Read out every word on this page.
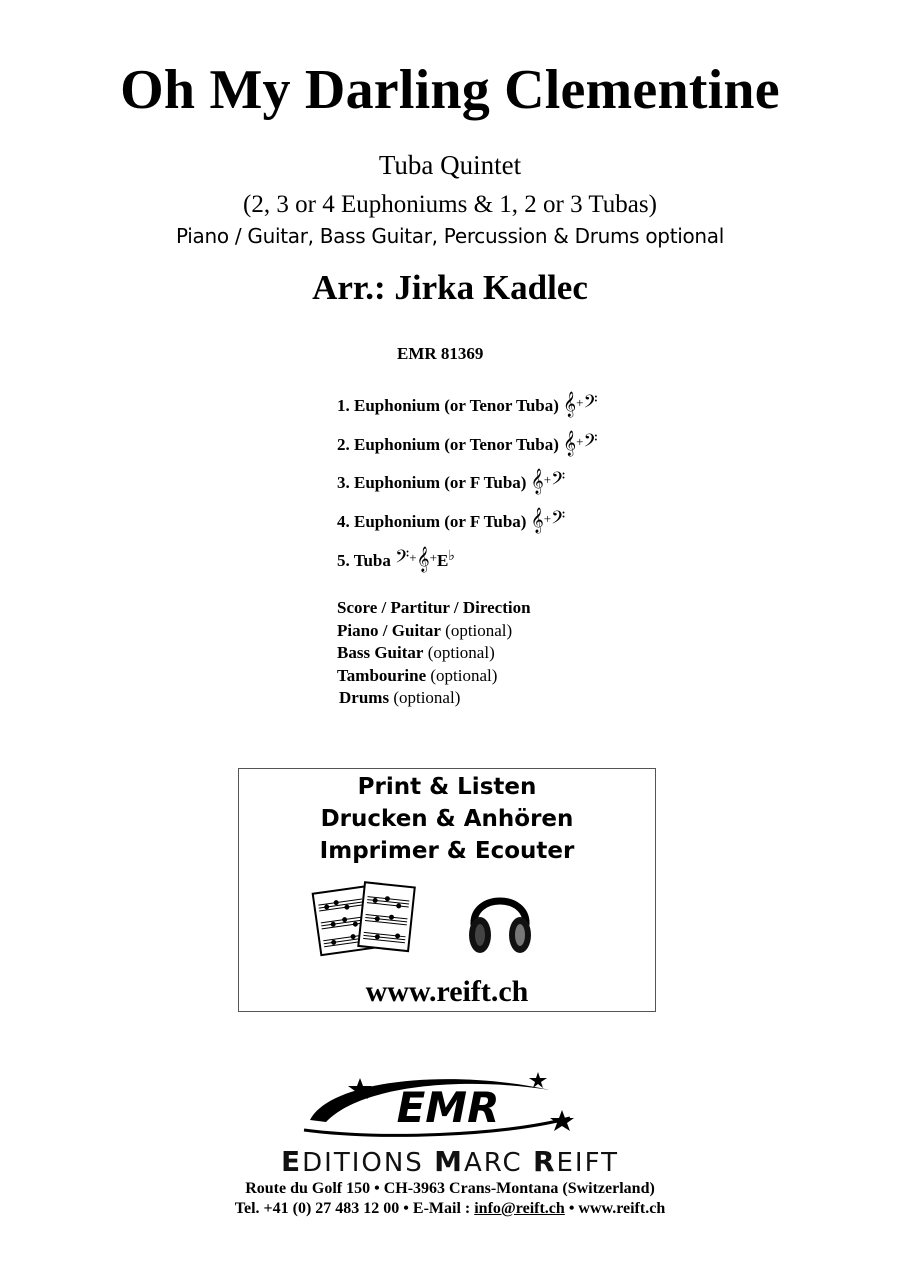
Oh My Darling Clementine
Tuba Quintet
(2, 3 or 4 Euphoniums & 1, 2 or 3 Tubas)
Piano / Guitar, Bass Guitar, Percussion & Drums optional
Arr.: Jirka Kadlec
EMR 81369
1. Euphonium (or Tenor Tuba) 𝄞+𝄢
2. Euphonium (or Tenor Tuba) 𝄞+𝄢
3. Euphonium (or F Tuba) 𝄞+𝄢
4. Euphonium (or F Tuba) 𝄞+𝄢
5. Tuba 𝄢+𝄞+E♭
Score / Partitur / Direction
Piano / Guitar (optional)
Bass Guitar (optional)
Tambourine (optional)
Drums (optional)
Print & Listen
Drucken & Anhören
Imprimer & Ecouter
www.reift.ch
EMR
EDITIONS MARC REIFT
Route du Golf 150 • CH-3963 Crans-Montana (Switzerland)
Tel. +41 (0) 27 483 12 00 • E-Mail : info@reift.ch • www.reift.ch
